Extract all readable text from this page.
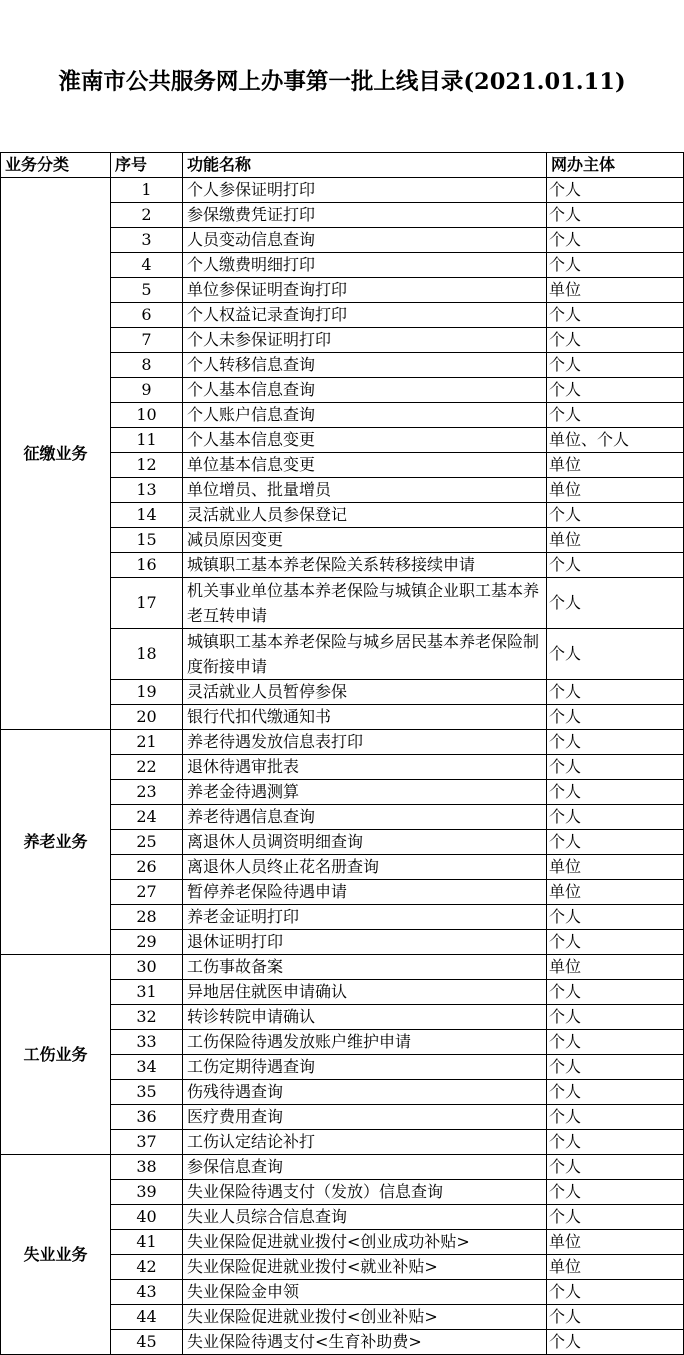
淮南市公共服务网上办事第一批上线目录(2021.01.11)
业务分类	序号	功能名称	网办主体
征缴业务	1	个人参保证明打印	个人
	2	参保缴费凭证打印	个人
	3	人员变动信息查询	个人
	4	个人缴费明细打印	个人
	5	单位参保证明查询打印	单位
	6	个人权益记录查询打印	个人
	7	个人未参保证明打印	个人
	8	个人转移信息查询	个人
	9	个人基本信息查询	个人
	10	个人账户信息查询	个人
	11	个人基本信息变更	单位、个人
	12	单位基本信息变更	单位
	13	单位增员、批量增员	单位
	14	灵活就业人员参保登记	个人
	15	减员原因变更	单位
	16	城镇职工基本养老保险关系转移接续申请	个人
	17	机关事业单位基本养老保险与城镇企业职工基本养老互转申请	个人
	18	城镇职工基本养老保险与城乡居民基本养老保险制度衔接申请	个人
	19	灵活就业人员暂停参保	个人
	20	银行代扣代缴通知书	个人
养老业务	21	养老待遇发放信息表打印	个人
	22	退休待遇审批表	个人
	23	养老金待遇测算	个人
	24	养老待遇信息查询	个人
	25	离退休人员调资明细查询	个人
	26	离退休人员终止花名册查询	单位
	27	暂停养老保险待遇申请	单位
	28	养老金证明打印	个人
	29	退休证明打印	个人
工伤业务	30	工伤事故备案	单位
	31	异地居住就医申请确认	个人
	32	转诊转院申请确认	个人
	33	工伤保险待遇发放账户维护申请	个人
	34	工伤定期待遇查询	个人
	35	伤残待遇查询	个人
	36	医疗费用查询	个人
	37	工伤认定结论补打	个人
失业业务	38	参保信息查询	个人
	39	失业保险待遇支付（发放）信息查询	个人
	40	失业人员综合信息查询	个人
	41	失业保险促进就业拨付<创业成功补贴>	单位
	42	失业保险促进就业拨付<就业补贴>	单位
	43	失业保险金申领	个人
	44	失业保险促进就业拨付<创业补贴>	个人
	45	失业保险待遇支付<生育补助费>	个人
